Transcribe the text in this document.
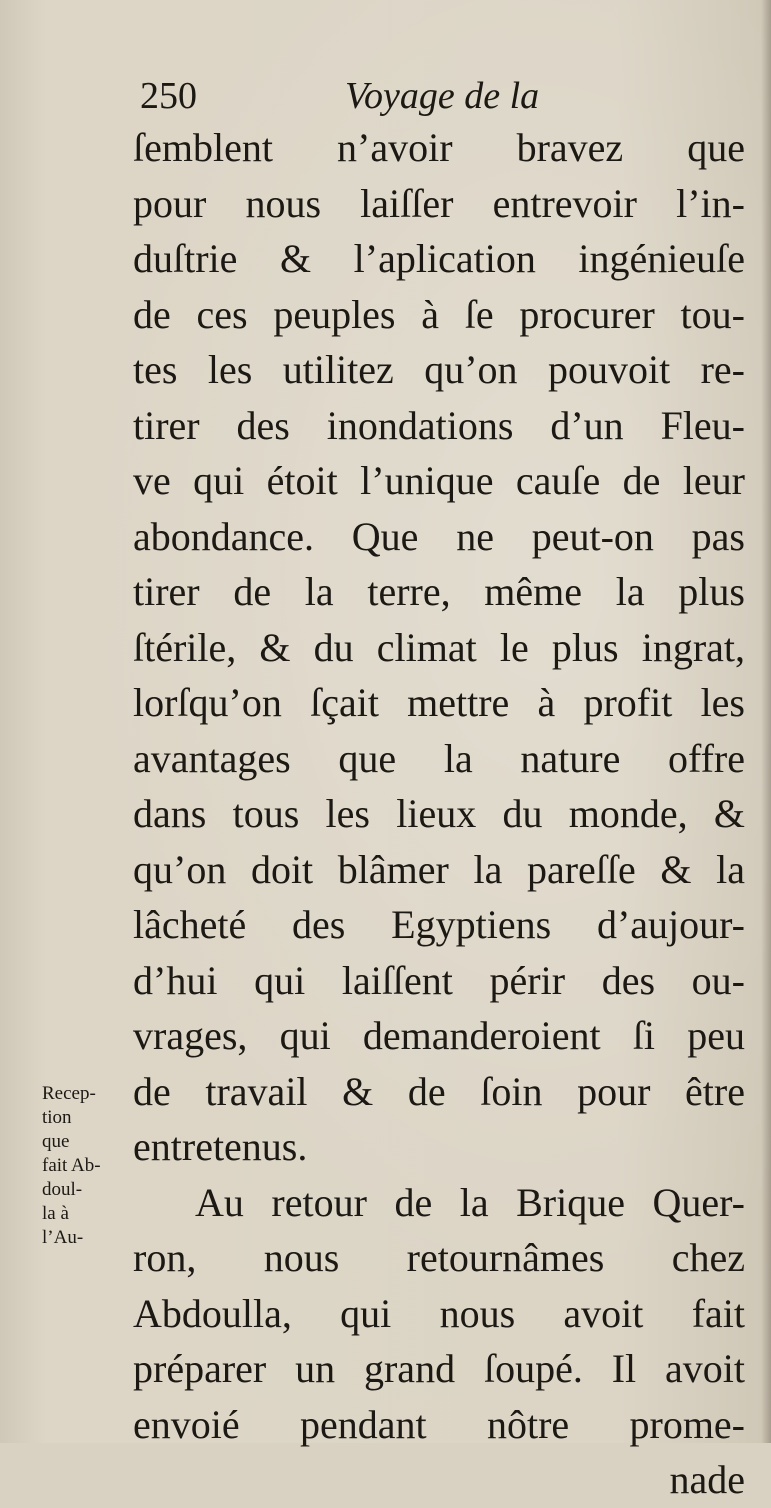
250	Voyage de la
ſemblent n’avoir bravez que
pour nous laiſſer entrevoir l’in-
duſtrie & l’aplication ingénieuſe
de ces peuples à ſe procurer tou-
tes les utilitez qu’on pouvoit re-
tirer des inondations d’un Fleu-
ve qui étoit l’unique cauſe de leur
abondance. Que ne peut-on pas
tirer de la terre, même la plus
ſtérile, & du climat le plus ingrat,
lorſqu’on ſçait mettre à profit les
avantages que la nature offre
dans tous les lieux du monde, &
qu’on doit blâmer la pareſſe & la
lâcheté des Egyptiens d’aujour-
d’hui qui laiſſent périr des ou-
vrages, qui demanderoient ſi peu
de travail & de ſoin pour être
entretenus.
Au retour de la Brique Quer-
ron, nous retournâmes chez
Abdoulla, qui nous avoit fait
préparer un grand ſoupé. Il avoit
envoié pendant nôtre prome-
nade
Recep-
tion
que
fait Ab-
doul-
la à
l’Au-
